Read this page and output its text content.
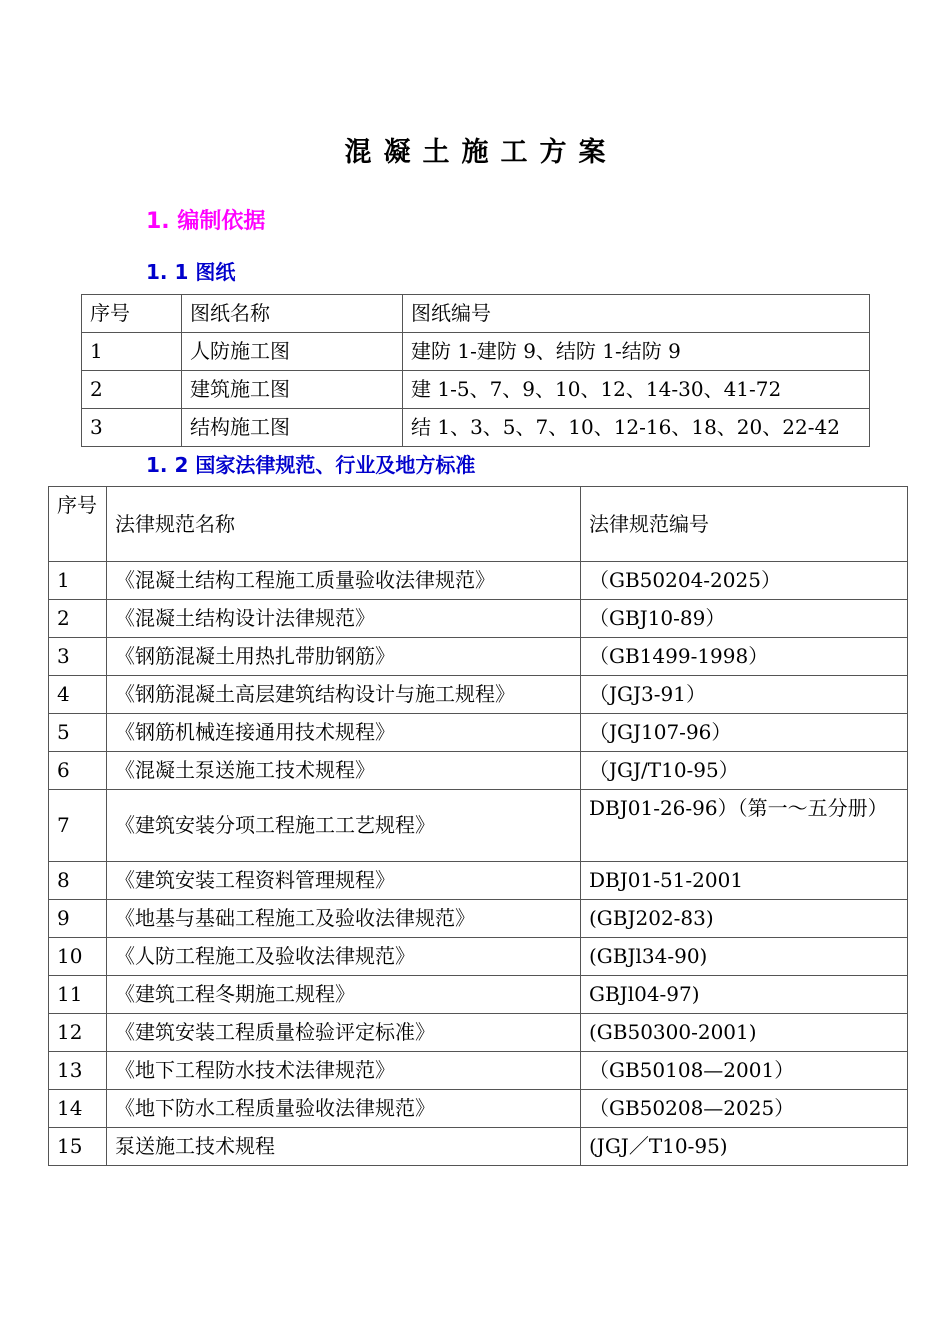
混凝土施工方案
1. 编制依据
1. 1 图纸
序号	图纸名称	图纸编号
1	人防施工图	建防 1-建防 9、结防 1-结防 9
2	建筑施工图	建 1-5、7、9、10、12、14-30、41-72
3	结构施工图	结 1、3、5、7、10、12-16、18、20、22-42
1. 2 国家法律规范、行业及地方标准
序号	法律规范名称	法律规范编号
1	《混凝土结构工程施工质量验收法律规范》	（GB50204-2025）
2	《混凝土结构设计法律规范》	（GBJ10-89）
3	《钢筋混凝土用热扎带肋钢筋》	（GB1499-1998）
4	《钢筋混凝土高层建筑结构设计与施工规程》	（JGJ3-91）
5	《钢筋机械连接通用技术规程》	（JGJ107-96）
6	《混凝土泵送施工技术规程》	（JGJ/T10-95）
7	《建筑安装分项工程施工工艺规程》	DBJ01-26-96）（第一～五分册）
8	《建筑安装工程资料管理规程》	DBJ01-51-2001
9	《地基与基础工程施工及验收法律规范》	(GBJ202-83)
10	《人防工程施工及验收法律规范》	(GBJl34-90)
11	《建筑工程冬期施工规程》	GBJl04-97)
12	《建筑安装工程质量检验评定标准》	(GB50300-2001)
13	《地下工程防水技术法律规范》	（GB50108—2001）
14	《地下防水工程质量验收法律规范》	（GB50208—2025）
15	泵送施工技术规程	(JGJ／T10-95)
